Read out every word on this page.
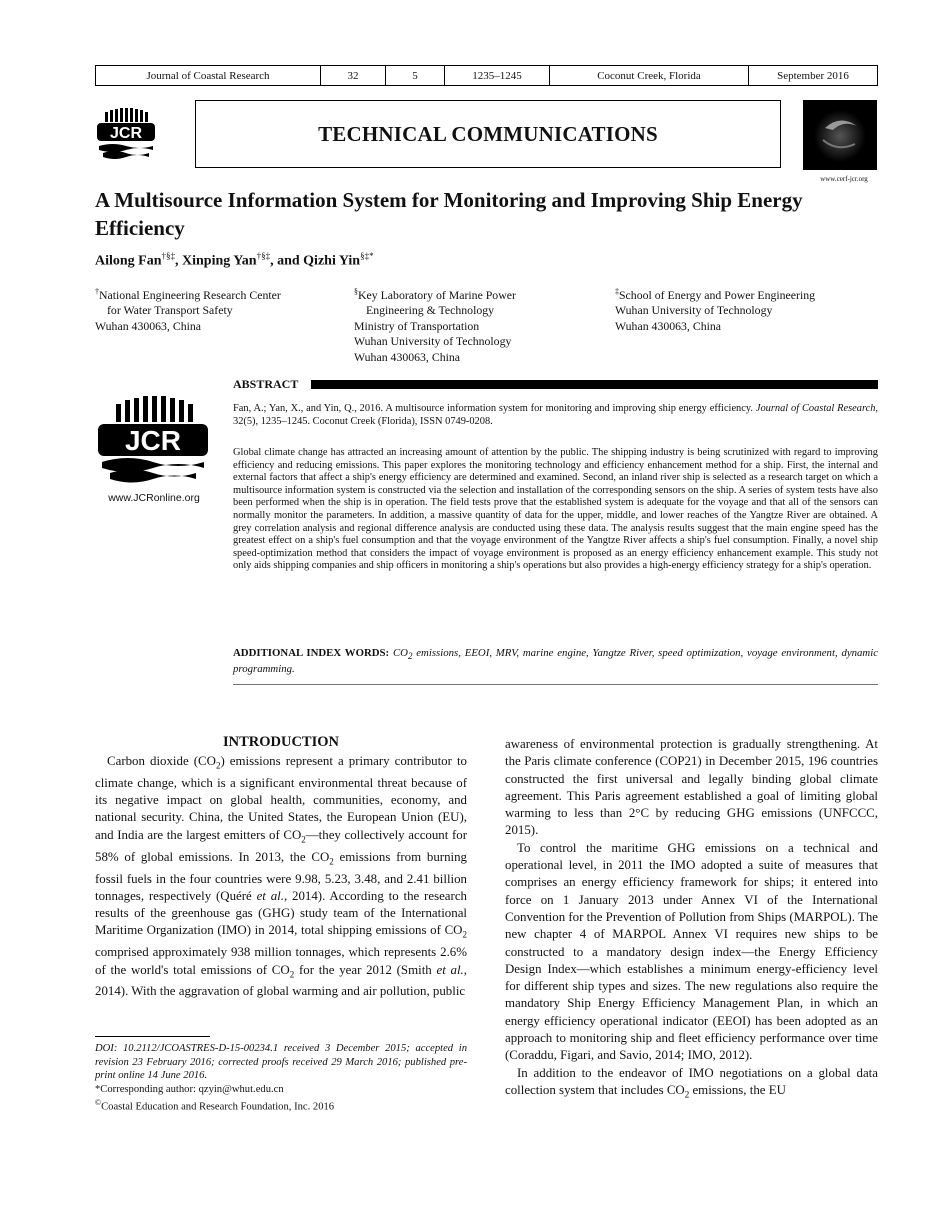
Journal of Coastal Research	32	5	1235–1245	Coconut Creek, Florida	September 2016
JCR	TECHNICAL COMMUNICATIONS
www.cerf-jcr.org
A Multisource Information System for Monitoring and Improving Ship Energy Efficiency
Ailong Fan†§‡, Xinping Yan†§‡, and Qizhi Yin§‡*
†National Engineering Research Center
for Water Transport Safety
Wuhan 430063, China
§Key Laboratory of Marine Power
Engineering & Technology
Ministry of Transportation
Wuhan University of Technology
Wuhan 430063, China
‡School of Energy and Power Engineering
Wuhan University of Technology
Wuhan 430063, China
ABSTRACT
JCR
www.JCRonline.org
Fan, A.; Yan, X., and Yin, Q., 2016. A multisource information system for monitoring and improving ship energy efficiency. Journal of Coastal Research, 32(5), 1235–1245. Coconut Creek (Florida), ISSN 0749-0208.
Global climate change has attracted an increasing amount of attention by the public. The shipping industry is being scrutinized with regard to improving efficiency and reducing emissions. This paper explores the monitoring technology and efficiency enhancement method for a ship. First, the internal and external factors that affect a ship's energy efficiency are determined and examined. Second, an inland river ship is selected as a research target on which a multisource information system is constructed via the selection and installation of the corresponding sensors on the ship. A series of system tests have also been performed when the ship is in operation. The field tests prove that the established system is adequate for the voyage and that all of the sensors can normally monitor the parameters. In addition, a massive quantity of data for the upper, middle, and lower reaches of the Yangtze River are obtained. A grey correlation analysis and regional difference analysis are conducted using these data. The analysis results suggest that the main engine speed has the greatest effect on a ship's fuel consumption and that the voyage environment of the Yangtze River affects a ship's fuel consumption. Finally, a novel ship speed-optimization method that considers the impact of voyage environment is proposed as an energy efficiency enhancement example. This study not only aids shipping companies and ship officers in monitoring a ship's operations but also provides a high-energy efficiency strategy for a ship's operation.
ADDITIONAL INDEX WORDS: $CO_2$ emissions, EEOI, MRV, marine engine, Yangtze River, speed optimization, voyage environment, dynamic programming.
INTRODUCTION

Carbon dioxide $(CO_2)$ emissions represent a primary contributor to climate change, which is a significant environmental threat because of its negative impact on global health, communities, economy, and national security. China, the United States, the European Union (EU), and India are the largest emitters of $CO_2—they$ collectively account for 58% of global emissions. In 2013, the $CO_2$ emissions from burning fossil fuels in the four countries were 9.98, 5.23, 3.48, and 2.41 billion tonnages, respectively (Quéré et al., 2014). According to the research results of the greenhouse gas (GHG) study team of the International Maritime Organization (IMO) in 2014, total shipping emissions of $CO_2$ comprised approximately 938 million tonnages, which represents 2.6% of the world's total emissions of $CO_2$ for the year 2012 (Smith et al., 2014). With the aggravation of global warming and air pollution, public

DOI: 10.2112/JCOASTRES-D-15-00234.1 received 3 December 2015; accepted in revision 23 February 2016; corrected proofs received 29 March 2016; published pre-print online 14 June 2016.
*Corresponding author: qzyin@whut.edu.cn
©Coastal Education and Research Foundation, Inc. 2016

awareness of environmental protection is gradually strengthening. At the Paris climate conference (COP21) in December 2015, 196 countries constructed the first universal and legally binding global climate agreement. This Paris agreement established a goal of limiting global warming to less than 2°C by reducing GHG emissions (UNFCCC, 2015).

To control the maritime GHG emissions on a technical and operational level, in 2011 the IMO adopted a suite of measures that comprises an energy efficiency framework for ships; it entered into force on 1 January 2013 under Annex VI of the International Convention for the Prevention of Pollution from Ships (MARPOL). The new chapter 4 of MARPOL Annex VI requires new ships to be constructed to a mandatory design index—the Energy Efficiency Design Index—which establishes a minimum energy-efficiency level for different ship types and sizes. The new regulations also require the mandatory Ship Energy Efficiency Management Plan, in which an energy efficiency operational indicator (EEOI) has been adopted as an approach to monitoring ship and fleet efficiency performance over time (Coraddu, Figari, and Savio, 2014; IMO, 2012).

In addition to the endeavor of IMO negotiations on a global data collection system that includes $CO_2$ emissions, the EU
